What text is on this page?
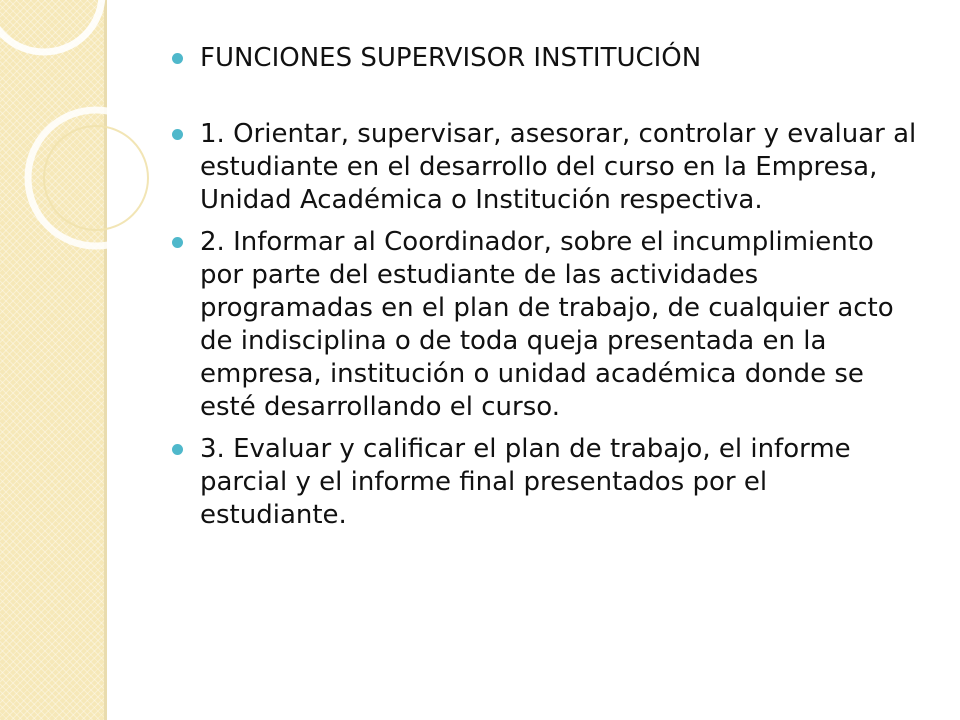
FUNCIONES SUPERVISOR INSTITUCIÓN
1. Orientar, supervisar, asesorar, controlar y evaluar al estudiante en el desarrollo del curso en la Empresa, Unidad Académica o Institución respectiva.
2. Informar al Coordinador, sobre el incumplimiento por parte del estudiante de las actividades programadas en el plan de trabajo, de cualquier acto de indisciplina o de toda queja presentada en la empresa, institución o unidad académica donde se esté desarrollando el curso.
3. Evaluar y calificar el plan de trabajo, el informe parcial y el informe final presentados por el estudiante.
